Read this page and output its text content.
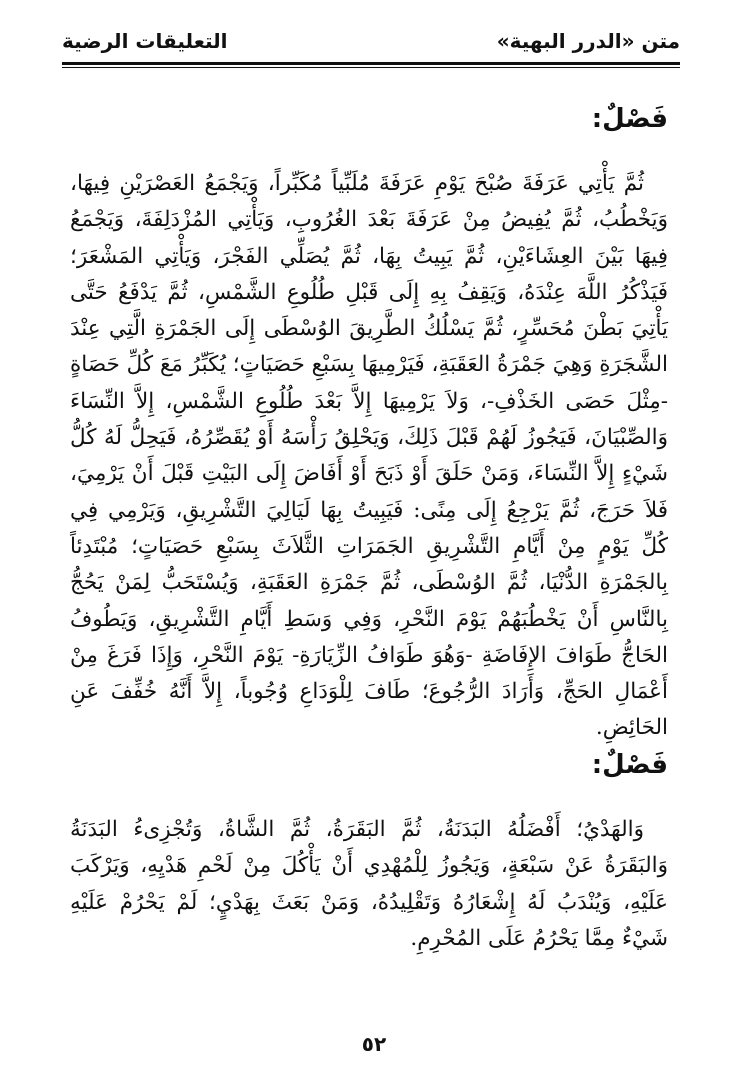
متن «الدرر البهية»
التعليقات الرضية
فَصْلٌ:

ثُمَّ يَأْتِي عَرَفَةَ صُبْحَ يَوْمِ عَرَفَةَ مُلَبِّياً مُكَبِّراً، وَيَجْمَعُ العَصْرَيْنِ فِيهَا، وَيَخْطُبُ، ثُمَّ يُفِيضُ مِنْ عَرَفَةَ بَعْدَ الغُرُوبِ، وَيَأْتِي المُزْدَلِفَةَ، وَيَجْمَعُ فِيهَا بَيْنَ العِشَاءَيْنِ، ثُمَّ يَبِيتُ بِهَا، ثُمَّ يُصَلِّي الفَجْرَ، وَيَأْتِي المَشْعَرَ؛ فَيَذْكُرُ اللَّهَ عِنْدَهُ، وَيَقِفُ بِهِ إِلَى قَبْلِ طُلُوعِ الشَّمْسِ، ثُمَّ يَدْفَعُ حَتَّى يَأْتِيَ بَطْنَ مُحَسِّرٍ، ثُمَّ يَسْلُكُ الطَّرِيقَ الوُسْطَى إِلَى الجَمْرَةِ الَّتِي عِنْدَ الشَّجَرَةِ وَهِيَ جَمْرَةُ العَقَبَةِ، فَيَرْمِيهَا بِسَبْعِ حَصَيَاتٍ؛ يُكَبِّرُ مَعَ كُلِّ حَصَاةٍ -مِثْلَ حَصَى الخَذْفِ-، وَلاَ يَرْمِيهَا إِلاَّ بَعْدَ طُلُوعِ الشَّمْسِ، إِلاَّ النِّسَاءَ وَالصِّبْيَانَ، فَيَجُوزُ لَهُمْ قَبْلَ ذَلِكَ، وَيَحْلِقُ رَأْسَهُ أَوْ يُقَصِّرُهُ، فَيَحِلُّ لَهُ كُلُّ شَيْءٍ إِلاَّ النِّسَاءَ، وَمَنْ حَلَقَ أَوْ ذَبَحَ أَوْ أَفَاضَ إِلَى البَيْتِ قَبْلَ أَنْ يَرْمِيَ، فَلاَ حَرَجَ، ثُمَّ يَرْجِعُ إِلَى مِنًى: فَيَبِيتُ بِهَا لَيَالِيَ التَّشْرِيقِ، وَيَرْمِي فِي كُلِّ يَوْمٍ مِنْ أَيَّامِ التَّشْرِيقِ الجَمَرَاتِ الثَّلاَثَ بِسَبْعِ حَصَيَاتٍ؛ مُبْتَدِئاً بِالجَمْرَةِ الدُّنْيَا، ثُمَّ الوُسْطَى، ثُمَّ جَمْرَةِ العَقَبَةِ، وَيُسْتَحَبُّ لِمَنْ يَحُجُّ بِالنَّاسِ أَنْ يَخْطُبَهُمْ يَوْمَ النَّحْرِ، وَفِي وَسَطِ أَيَّامِ التَّشْرِيقِ، وَيَطُوفُ الحَاجُّ طَوَافَ الإِفَاضَةِ -وَهُوَ طَوَافُ الزِّيَارَةِ- يَوْمَ النَّحْرِ، وَإِذَا فَرَغَ مِنْ أَعْمَالِ الحَجِّ، وَأَرَادَ الرُّجُوعَ؛ طَافَ لِلْوَدَاعِ وُجُوباً، إِلاَّ أَنَّهُ خُفِّفَ عَنِ الحَائِضِ.

فَصْلٌ:

وَالهَدْيُ؛ أَفْضَلُهُ البَدَنَةُ، ثُمَّ البَقَرَةُ، ثُمَّ الشَّاةُ، وَتُجْزِىءُ البَدَنَةُ وَالبَقَرَةُ عَنْ سَبْعَةٍ، وَيَجُوزُ لِلْمُهْدِي أَنْ يَأْكُلَ مِنْ لَحْمِ هَدْيِهِ، وَيَرْكَبَ عَلَيْهِ، وَيُنْدَبُ لَهُ إِشْعَارُهُ وَتَقْلِيدُهُ، وَمَنْ بَعَثَ بِهَدْيٍ؛ لَمْ يَحْرُمْ عَلَيْهِ شَيْءٌ مِمَّا يَحْرُمُ عَلَى المُحْرِمِ.

٥٢
